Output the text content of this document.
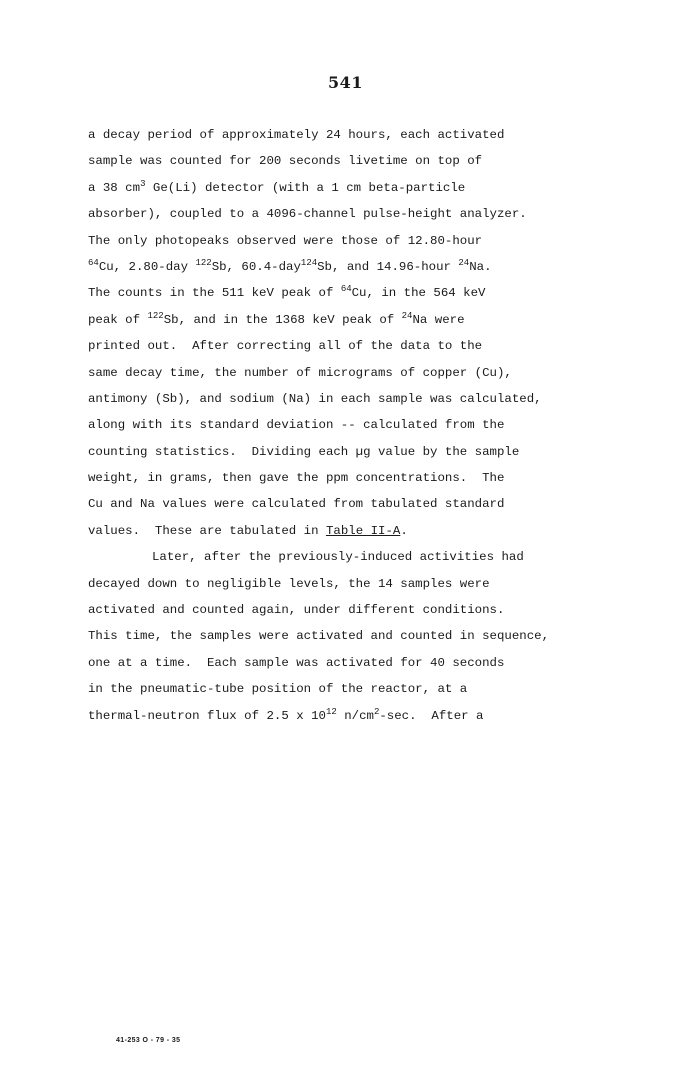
541
a decay period of approximately 24 hours, each activated
sample was counted for 200 seconds livetime on top of
a 38 $cm^3$ Ge(Li) detector (with a 1 cm beta-particle
absorber), coupled to a 4096-channel pulse-height analyzer.
The only photopeaks observed were those of 12.80-hour
$^{64}$Cu, 2.80-day $^{122}$Sb, 60.4-day$^{124}$Sb, and 14.96-hour $^{24}$Na.
The counts in the 511 keV peak of $^{64}$Cu, in the 564 keV
peak of $^{122}$Sb, and in the 1368 keV peak of $^{24}$Na were
printed out.  After correcting all of the data to the
same decay time, the number of micrograms of copper (Cu),
antimony (Sb), and sodium (Na) in each sample was calculated,
along with its standard deviation -- calculated from the
counting statistics.  Dividing each µg value by the sample
weight, in grams, then gave the ppm concentrations.  The
Cu and Na values were calculated from tabulated standard
values.  These are tabulated in Table II-A.
Later, after the previously-induced activities had
decayed down to negligible levels, the 14 samples were
activated and counted again, under different conditions.
This time, the samples were activated and counted in sequence,
one at a time.  Each sample was activated for 40 seconds
in the pneumatic-tube position of the reactor, at a
thermal-neutron flux of 2.5 x $10^{12}$ $n/cm^2-\sec$.  After a
41-253 O - 79 - 35
